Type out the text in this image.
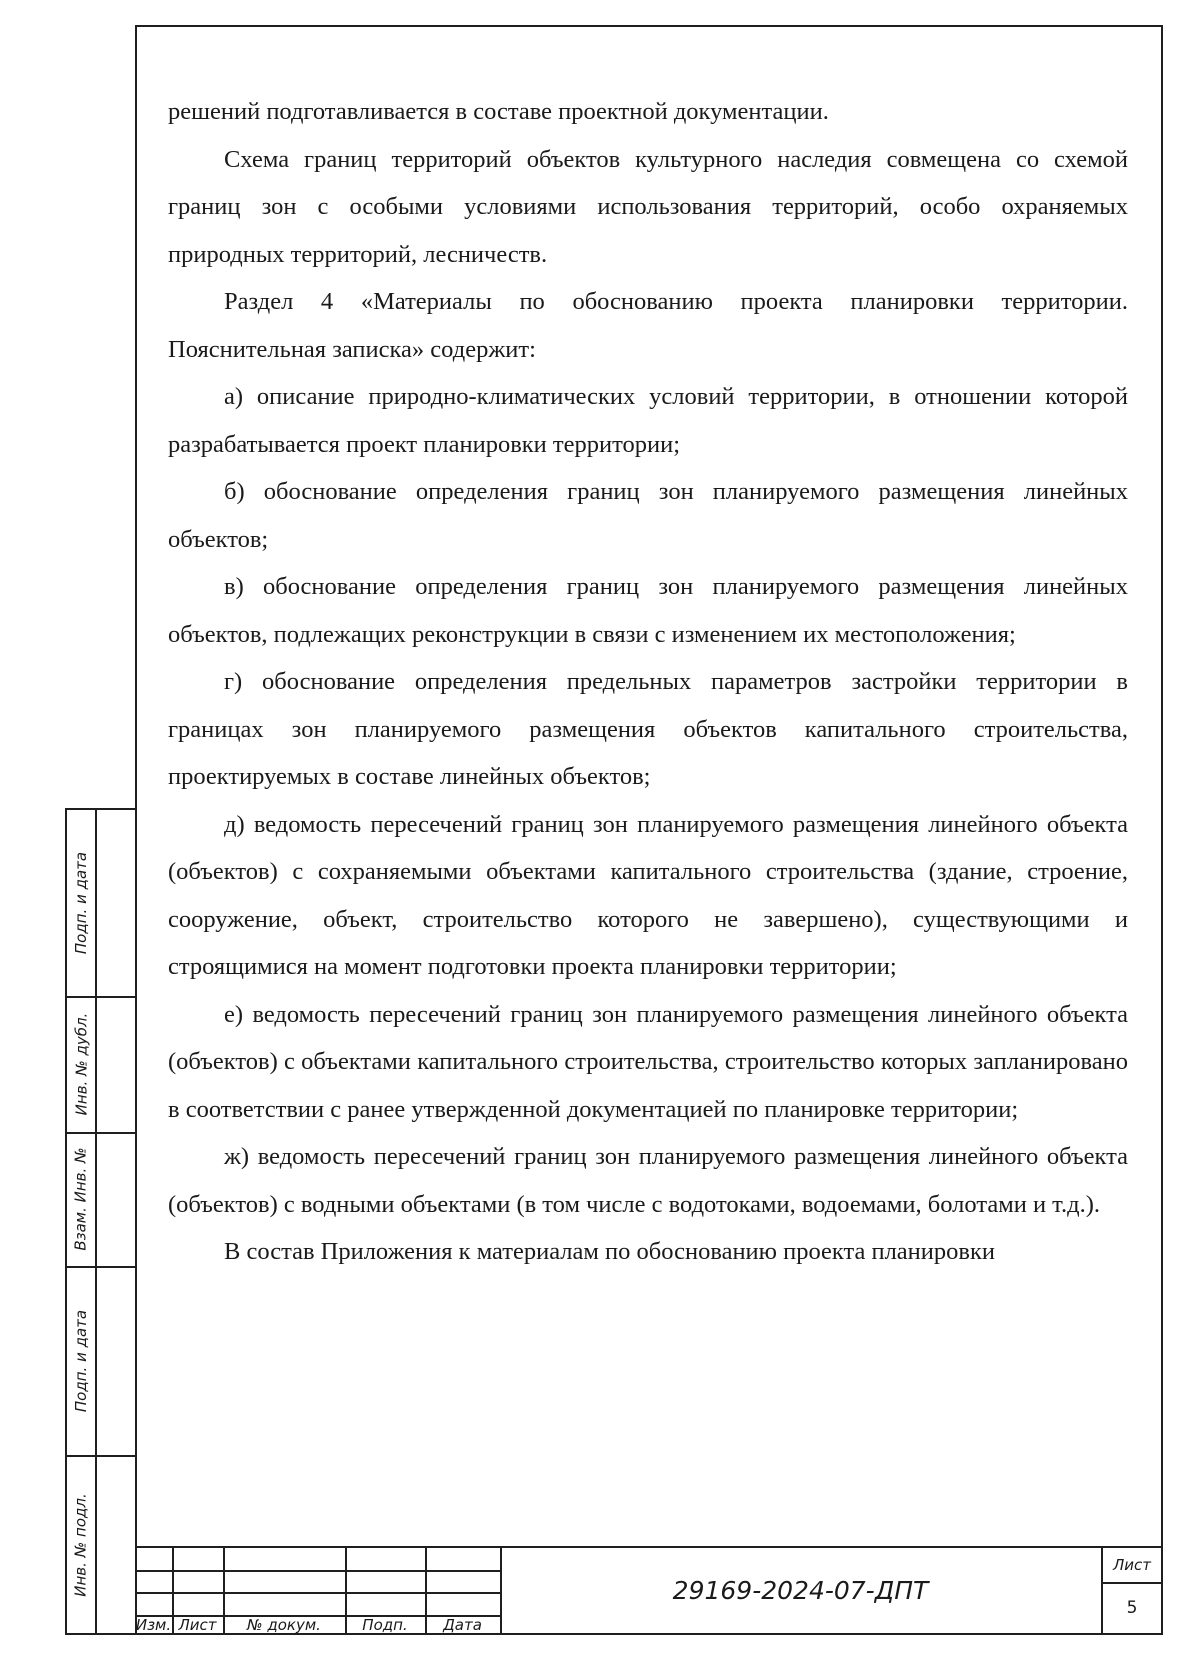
решений подготавливается в составе проектной документации.

Схема границ территорий объектов культурного наследия совмещена со схемой границ зон с особыми условиями использования территорий, особо охраняемых природных территорий, лесничеств.

Раздел 4 «Материалы по обоснованию проекта планировки территории. Пояснительная записка» содержит:

а) описание природно-климатических условий территории, в отношении которой разрабатывается проект планировки территории;

б) обоснование определения границ зон планируемого размещения линейных объектов;

в) обоснование определения границ зон планируемого размещения линейных объектов, подлежащих реконструкции в связи с изменением их местоположения;

г) обоснование определения предельных параметров застройки территории в границах зон планируемого размещения объектов капитального строительства, проектируемых в составе линейных объектов;

д) ведомость пересечений границ зон планируемого размещения линейного объекта (объектов) с сохраняемыми объектами капитального строительства (здание, строение, сооружение, объект, строительство которого не завершено), существующими и строящимися на момент подготовки проекта планировки территории;

е) ведомость пересечений границ зон планируемого размещения линейного объекта (объектов) с объектами капитального строительства, строительство которых запланировано в соответствии с ранее утвержденной документацией по планировке территории;

ж) ведомость пересечений границ зон планируемого размещения линейного объекта (объектов) с водными объектами (в том числе с водотоками, водоемами, болотами и т.д.).

В состав Приложения к материалам по обоснованию проекта планировки

Подп. и дата
Инв. № дубл.
Взам. Инв. №
Подп. и дата
Инв. № подл.
Изм. Лист	№ докум.	Подп.	Дата
29169-2024-07-ДПТ
Лист
5
